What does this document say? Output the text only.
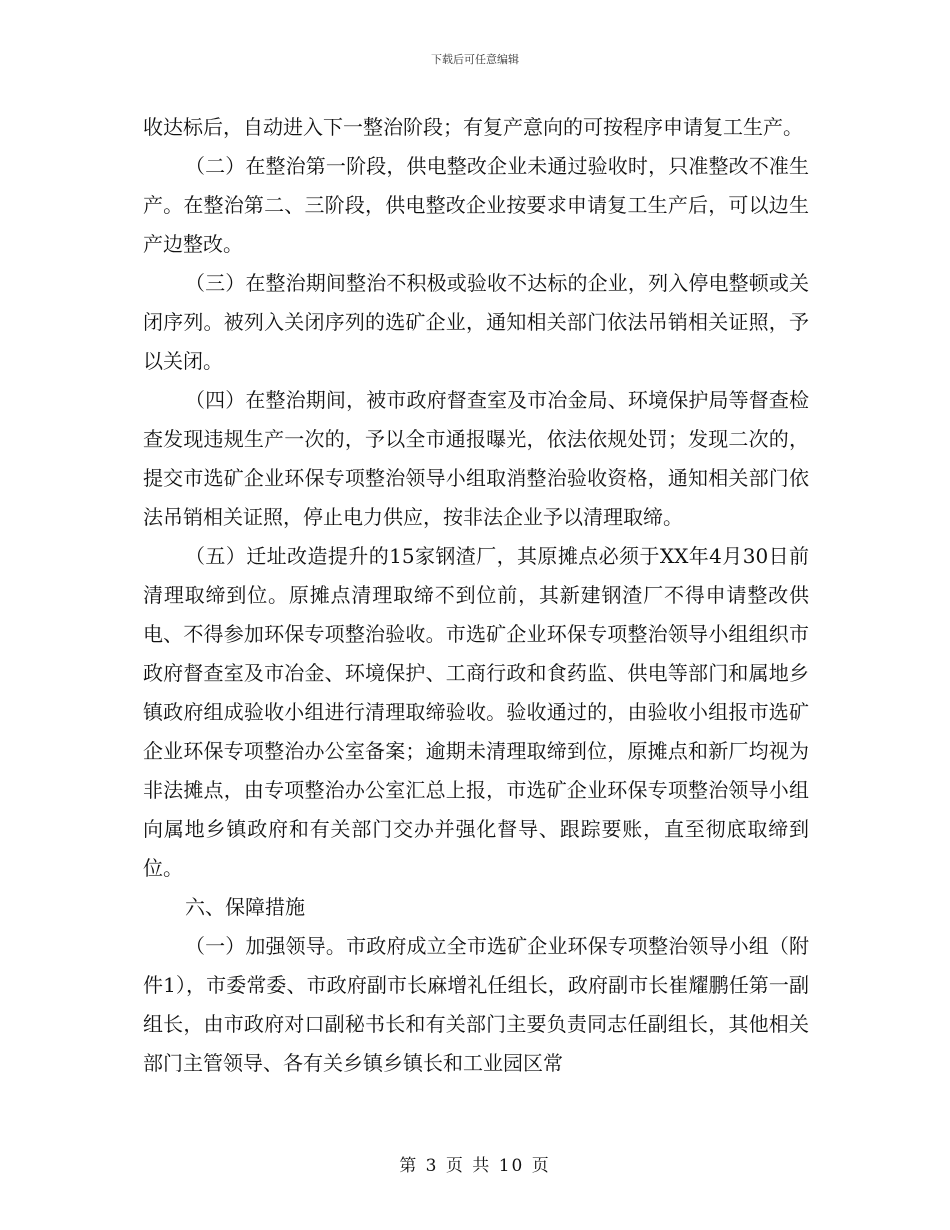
下载后可任意编辑

收达标后，自动进入下一整治阶段；有复产意向的可按程序申请复工生产。

（二）在整治第一阶段，供电整改企业未通过验收时，只准整改不准生产。在整治第二、三阶段，供电整改企业按要求申请复工生产后，可以边生产边整改。

（三）在整治期间整治不积极或验收不达标的企业，列入停电整顿或关闭序列。被列入关闭序列的选矿企业，通知相关部门依法吊销相关证照，予以关闭。

（四）在整治期间，被市政府督查室及市冶金局、环境保护局等督查检查发现违规生产一次的，予以全市通报曝光，依法依规处罚；发现二次的，提交市选矿企业环保专项整治领导小组取消整治验收资格，通知相关部门依法吊销相关证照，停止电力供应，按非法企业予以清理取缔。

（五）迁址改造提升的15家钢渣厂，其原摊点必须于XX年4月30日前清理取缔到位。原摊点清理取缔不到位前，其新建钢渣厂不得申请整改供电、不得参加环保专项整治验收。市选矿企业环保专项整治领导小组组织市政府督查室及市冶金、环境保护、工商行政和食药监、供电等部门和属地乡镇政府组成验收小组进行清理取缔验收。验收通过的，由验收小组报市选矿企业环保专项整治办公室备案；逾期未清理取缔到位，原摊点和新厂均视为非法摊点，由专项整治办公室汇总上报，市选矿企业环保专项整治领导小组向属地乡镇政府和有关部门交办并强化督导、跟踪要账，直至彻底取缔到位。

六、保障措施

（一）加强领导。市政府成立全市选矿企业环保专项整治领导小组（附件1），市委常委、市政府副市长麻增礼任组长，政府副市长崔耀鹏任第一副组长，由市政府对口副秘书长和有关部门主要负责同志任副组长，其他相关部门主管领导、各有关乡镇乡镇长和工业园区常

第 3 页 共 10 页
